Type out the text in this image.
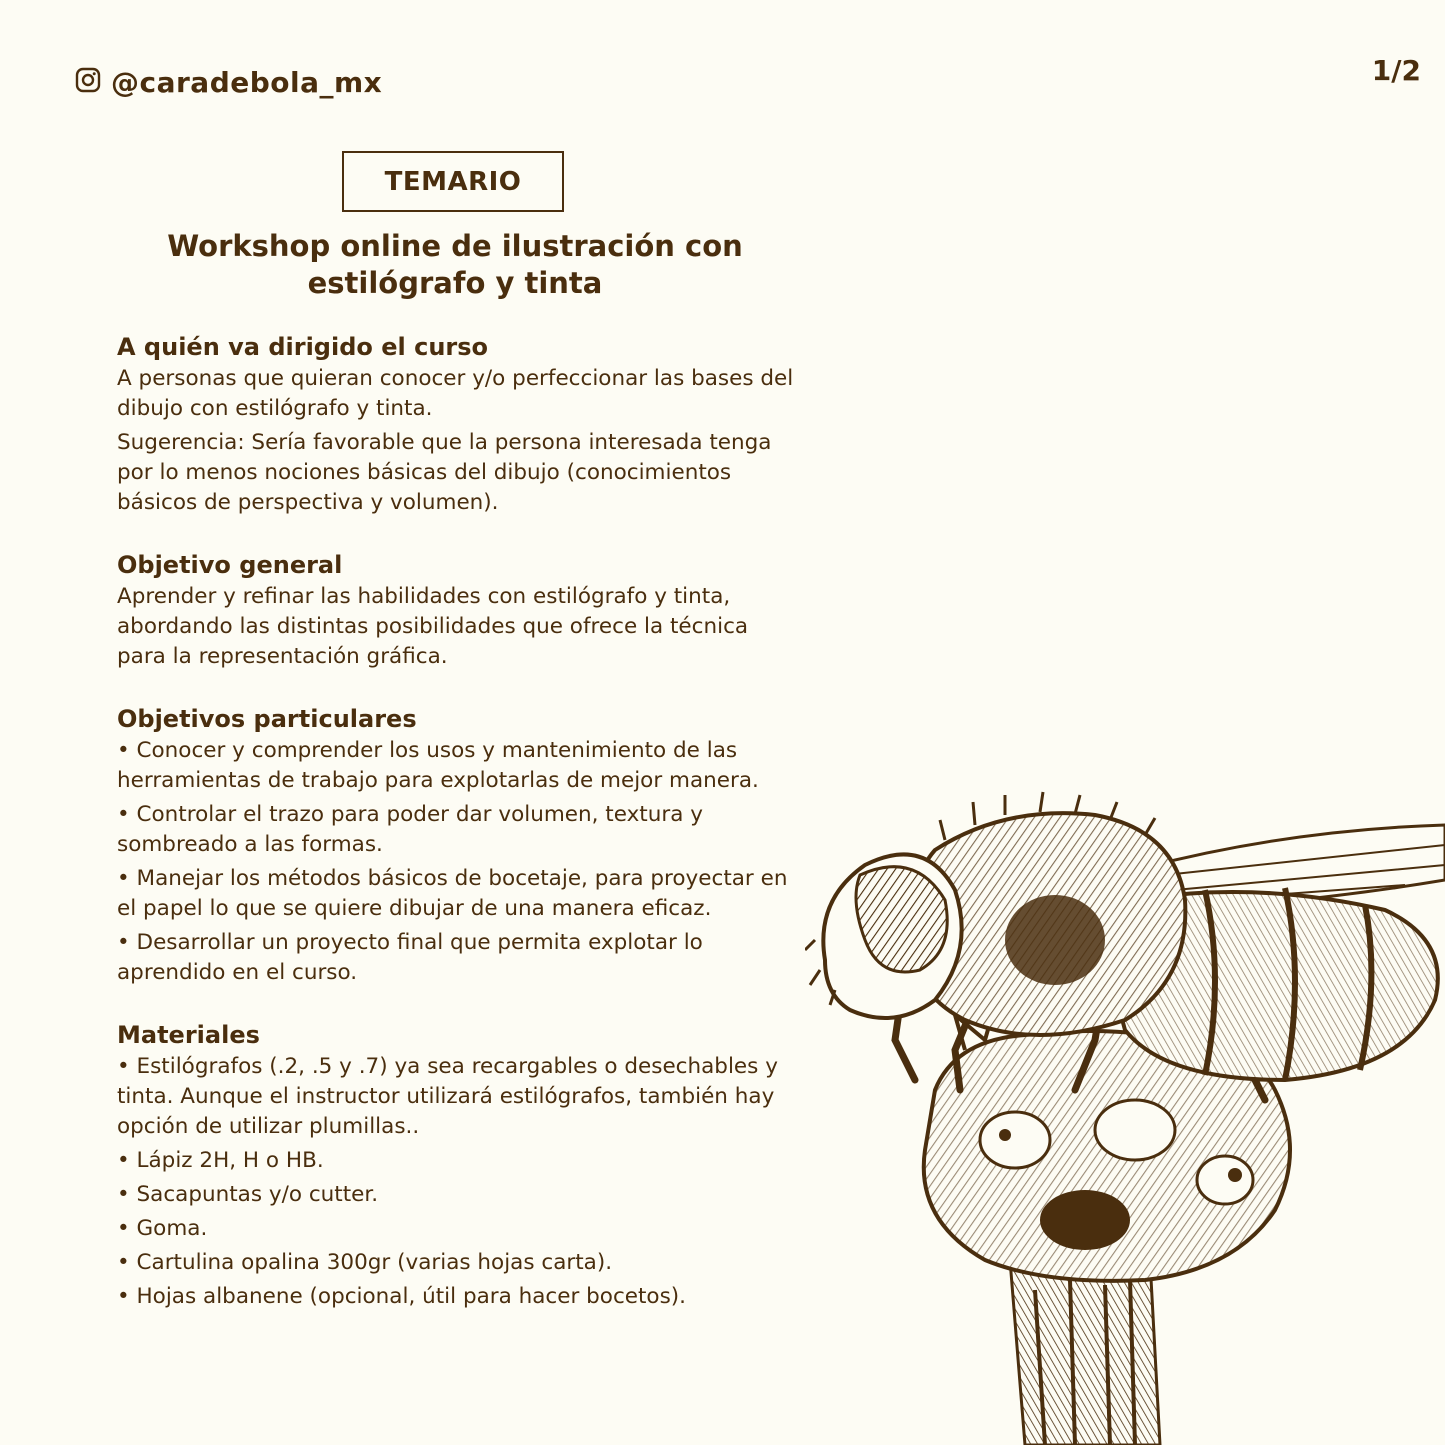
@caradebola_mx	1/2
TEMARIO
Workshop online de ilustración con
estilógrafo y tinta
A quién va dirigido el curso

A personas que quieran conocer y/o perfeccionar las bases del dibujo con estilógrafo y tinta.

Sugerencia: Sería favorable que la persona interesada tenga por lo menos nociones básicas del dibujo (conocimientos básicos de perspectiva y volumen).

Objetivo general

Aprender y refinar las habilidades con estilógrafo y tinta, abordando las distintas posibilidades que ofrece la técnica para la representación gráfica.

Objetivos particulares

• Conocer y comprender los usos y mantenimiento de las herramientas de trabajo para explotarlas de mejor manera.

• Controlar el trazo para poder dar volumen, textura y sombreado a las formas.

• Manejar los métodos básicos de bocetaje, para proyectar en el papel lo que se quiere dibujar de una manera eficaz.

• Desarrollar un proyecto final que permita explotar lo aprendido en el curso.

Materiales

• Estilógrafos (.2, .5 y .7) ya sea recargables o desechables y tinta. Aunque el instructor utilizará estilógrafos, también hay opción de utilizar plumillas..

• Lápiz 2H, H o HB.

• Sacapuntas y/o cutter.

• Goma.

• Cartulina opalina 300gr (varias hojas carta).

• Hojas albanene (opcional, útil para hacer bocetos).
